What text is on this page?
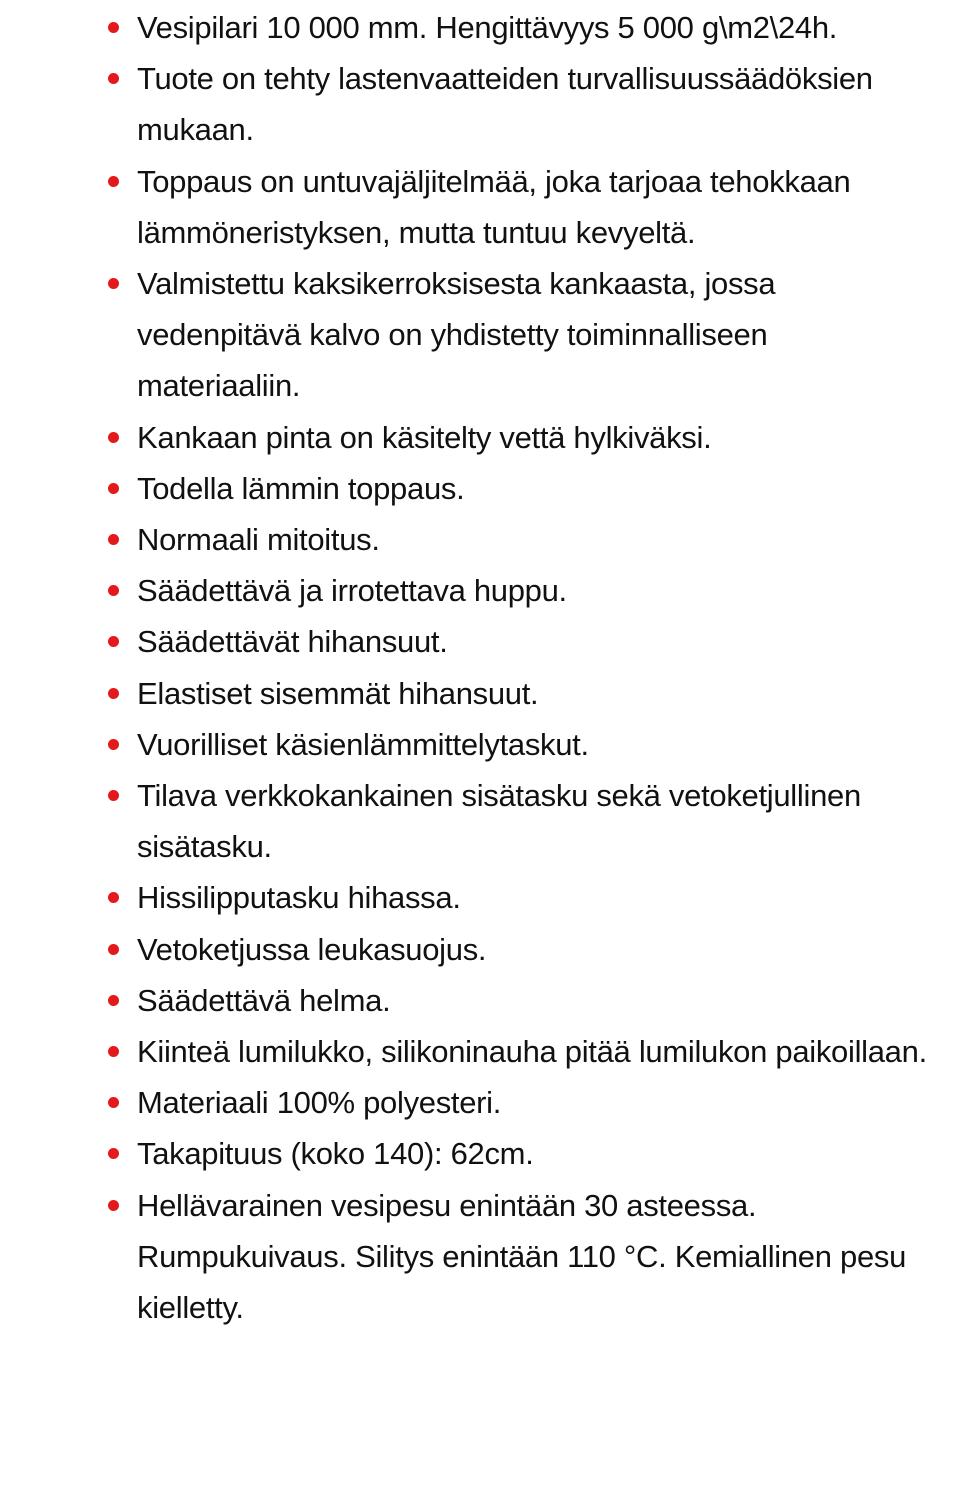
Vesipilari 10 000 mm. Hengittävyys 5 000 g\m2\24h.
Tuote on tehty lastenvaatteiden turvallisuussäädöksien mukaan.
Toppaus on untuvajäljitelmää, joka tarjoaa tehokkaan lämmöneristyksen, mutta tuntuu kevyeltä.
Valmistettu kaksikerroksisesta kankaasta, jossa vedenpitävä kalvo on yhdistetty toiminnalliseen materiaaliin.
Kankaan pinta on käsitelty vettä hylkiväksi.
Todella lämmin toppaus.
Normaali mitoitus.
Säädettävä ja irrotettava huppu.
Säädettävät hihansuut.
Elastiset sisemmät hihansuut.
Vuorilliset käsienlämmittelytaskut.
Tilava verkkokankainen sisätasku sekä vetoketjullinen sisätasku.
Hissilipputasku hihassa.
Vetoketjussa leukasuojus.
Säädettävä helma.
Kiinteä lumilukko, silikoninauha pitää lumilukon paikoillaan.
Materiaali 100% polyesteri.
Takapituus (koko 140): 62cm.
Hellävarainen vesipesu enintään 30 asteessa. Rumpukuivaus. Silitys enintään 110 °C. Kemiallinen pesu kielletty.
